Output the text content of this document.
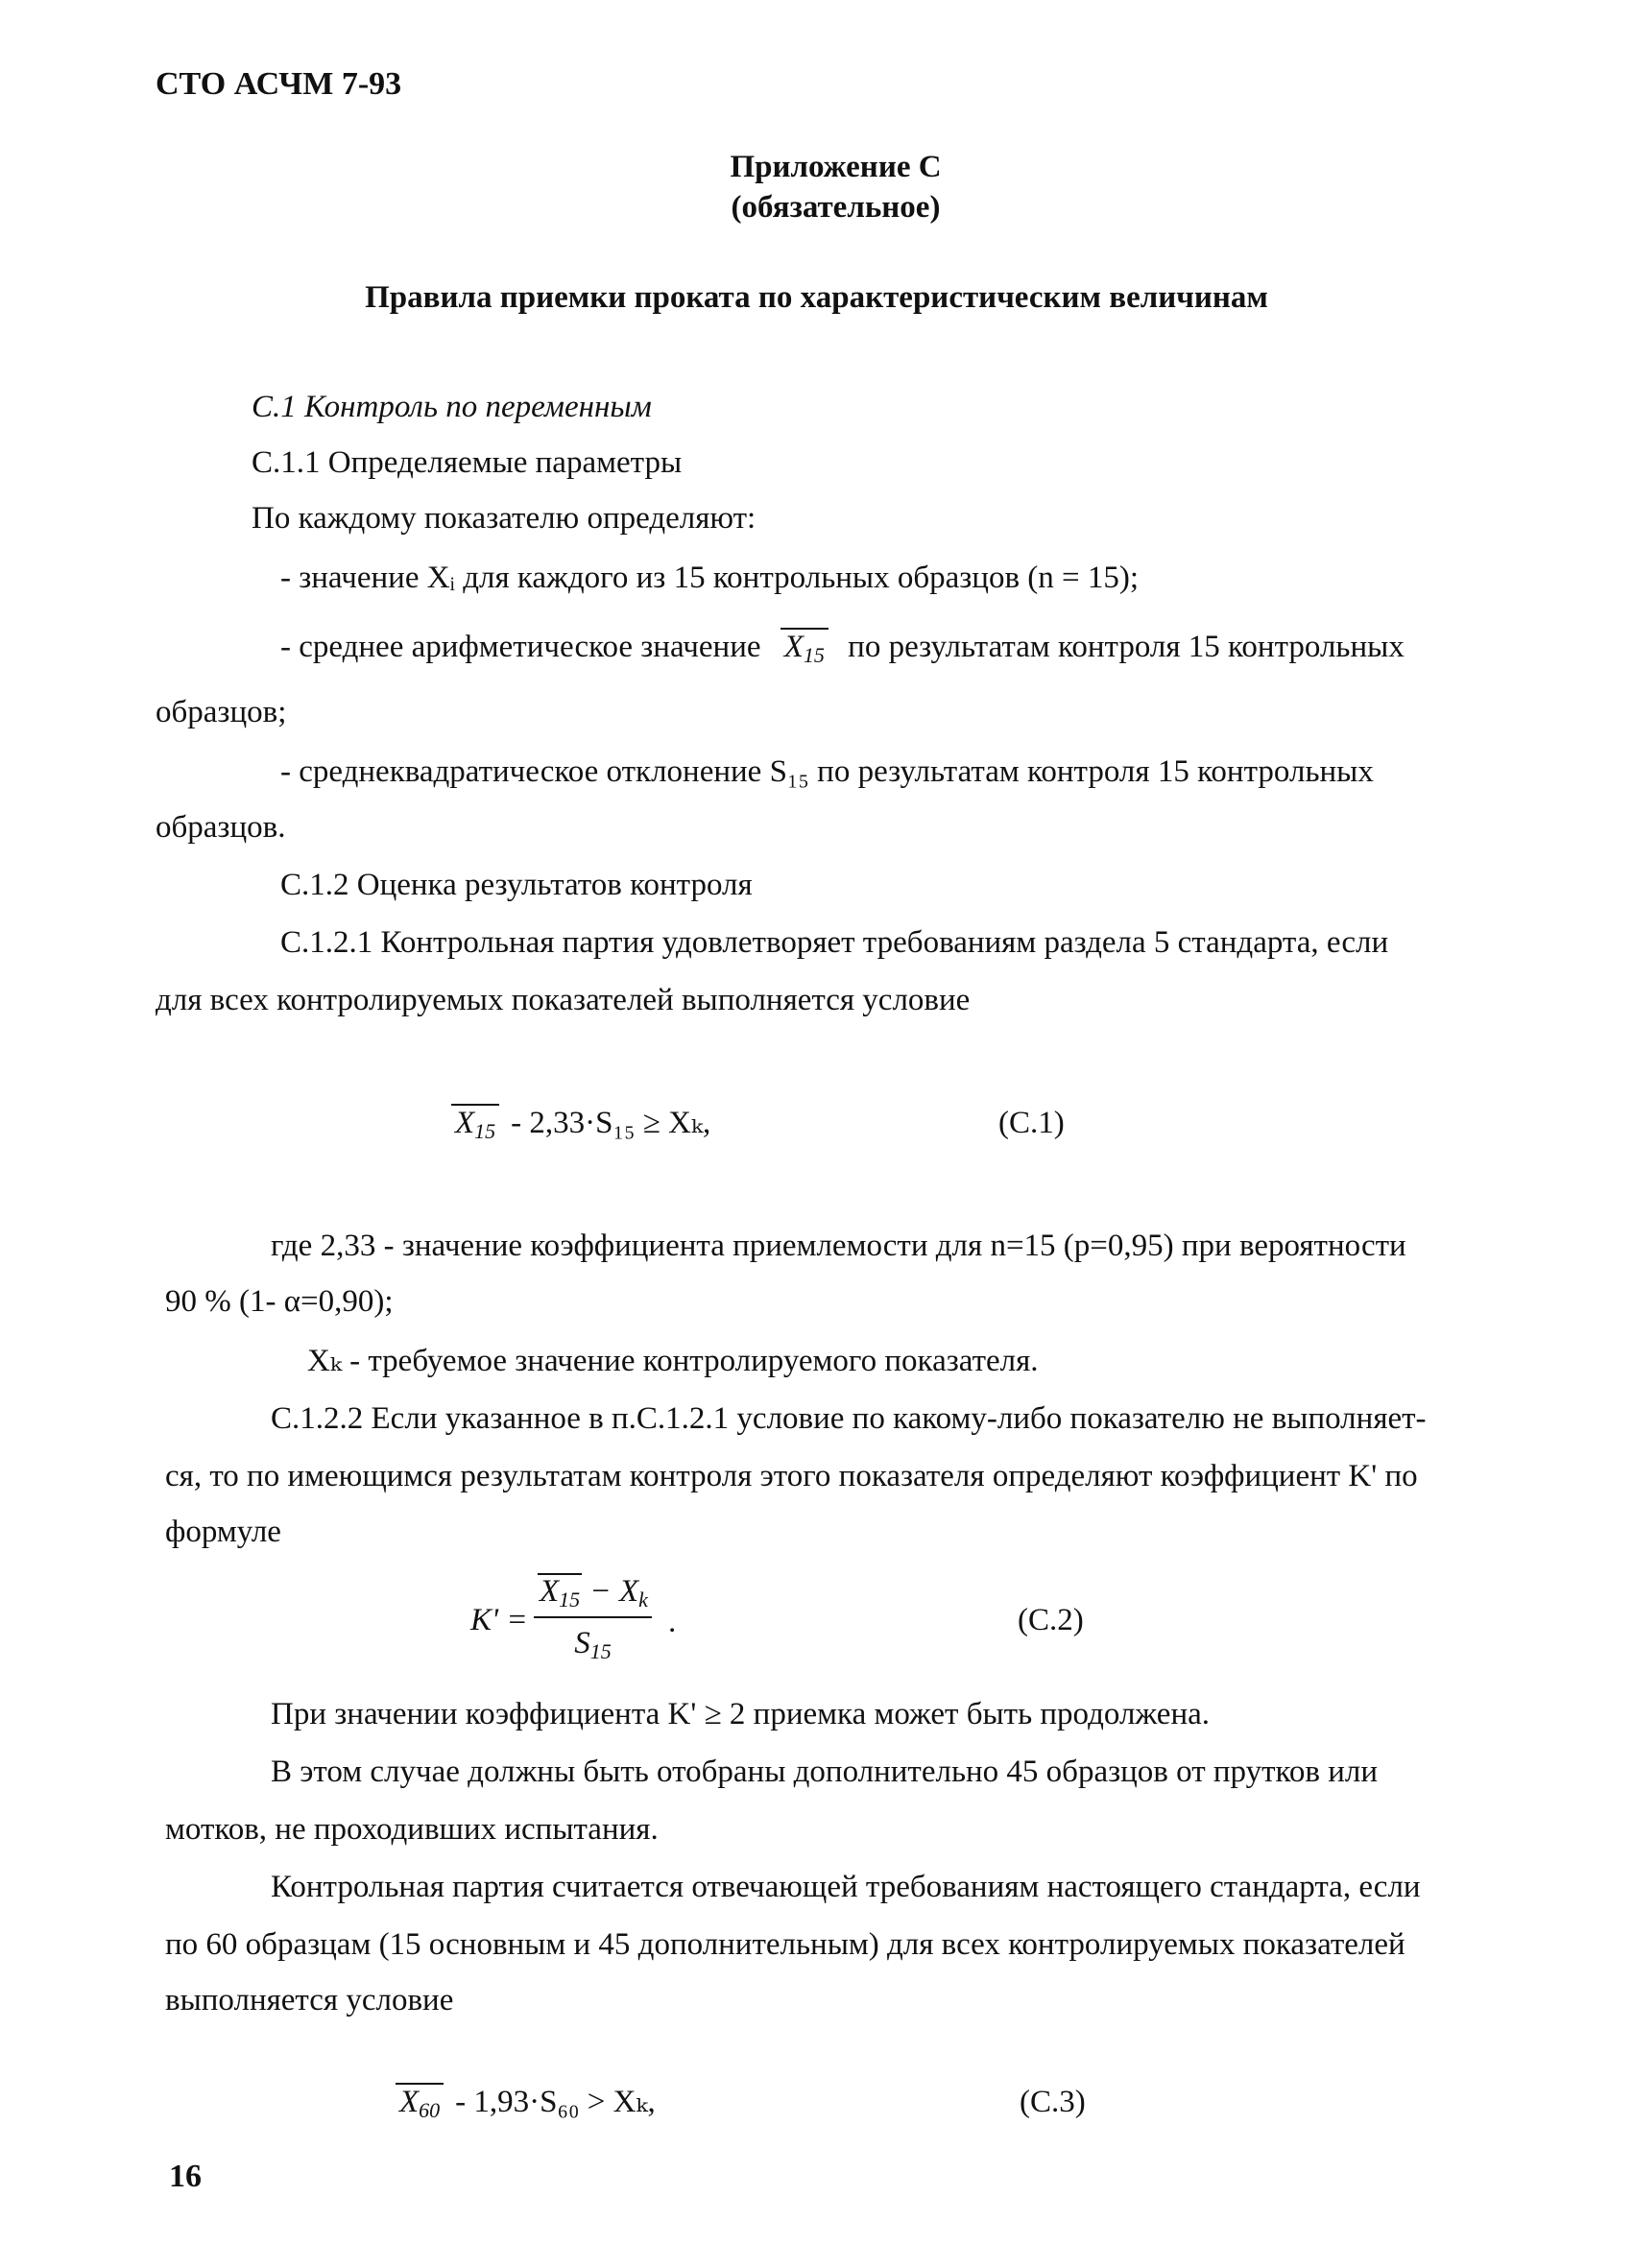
СТО АСЧМ 7-93
Приложение С
(обязательное)
Правила приемки проката по характеристическим величинам
С.1 Контроль по переменным
С.1.1 Определяемые параметры
По каждому показателю определяют:
- значение Xᵢ для каждого из 15 контрольных образцов (n = 15);
- среднее арифметическое значение $X_{15}$ по результатам контроля 15 контрольных
образцов;
- среднеквадратическое отклонение S₁₅ по результатам контроля 15 контрольных
образцов.
С.1.2 Оценка результатов контроля
С.1.2.1 Контрольная партия удовлетворяет требованиям раздела 5 стандарта, если
для всех контролируемых показателей выполняется условие
$X_{15} - 2,33\cdot S_{15} \ge X_k$,	(С.1)
где 2,33 - значение коэффициента приемлемости для n=15 (p=0,95) при вероятности
90 % (1- α=0,90);
Xₖ - требуемое значение контролируемого показателя.
С.1.2.2 Если указанное в п.С.1.2.1 условие по какому-либо показателю не выполняет-
ся, то по имеющимся результатам контроля этого показателя определяют коэффициент K' по
формуле
$K' = \frac{X_{15} - X_k}{S_{15}}$ .	(С.2)
При значении коэффициента K' ≥ 2 приемка может быть продолжена.
В этом случае должны быть отобраны дополнительно 45 образцов от прутков или
мотков, не проходивших испытания.
Контрольная партия считается отвечающей требованиям настоящего стандарта, если
по 60 образцам (15 основным и 45 дополнительным) для всех контролируемых показателей
выполняется условие
$X_{60} - 1,93\cdot S_{60} > X_k$,	(С.3)
16
